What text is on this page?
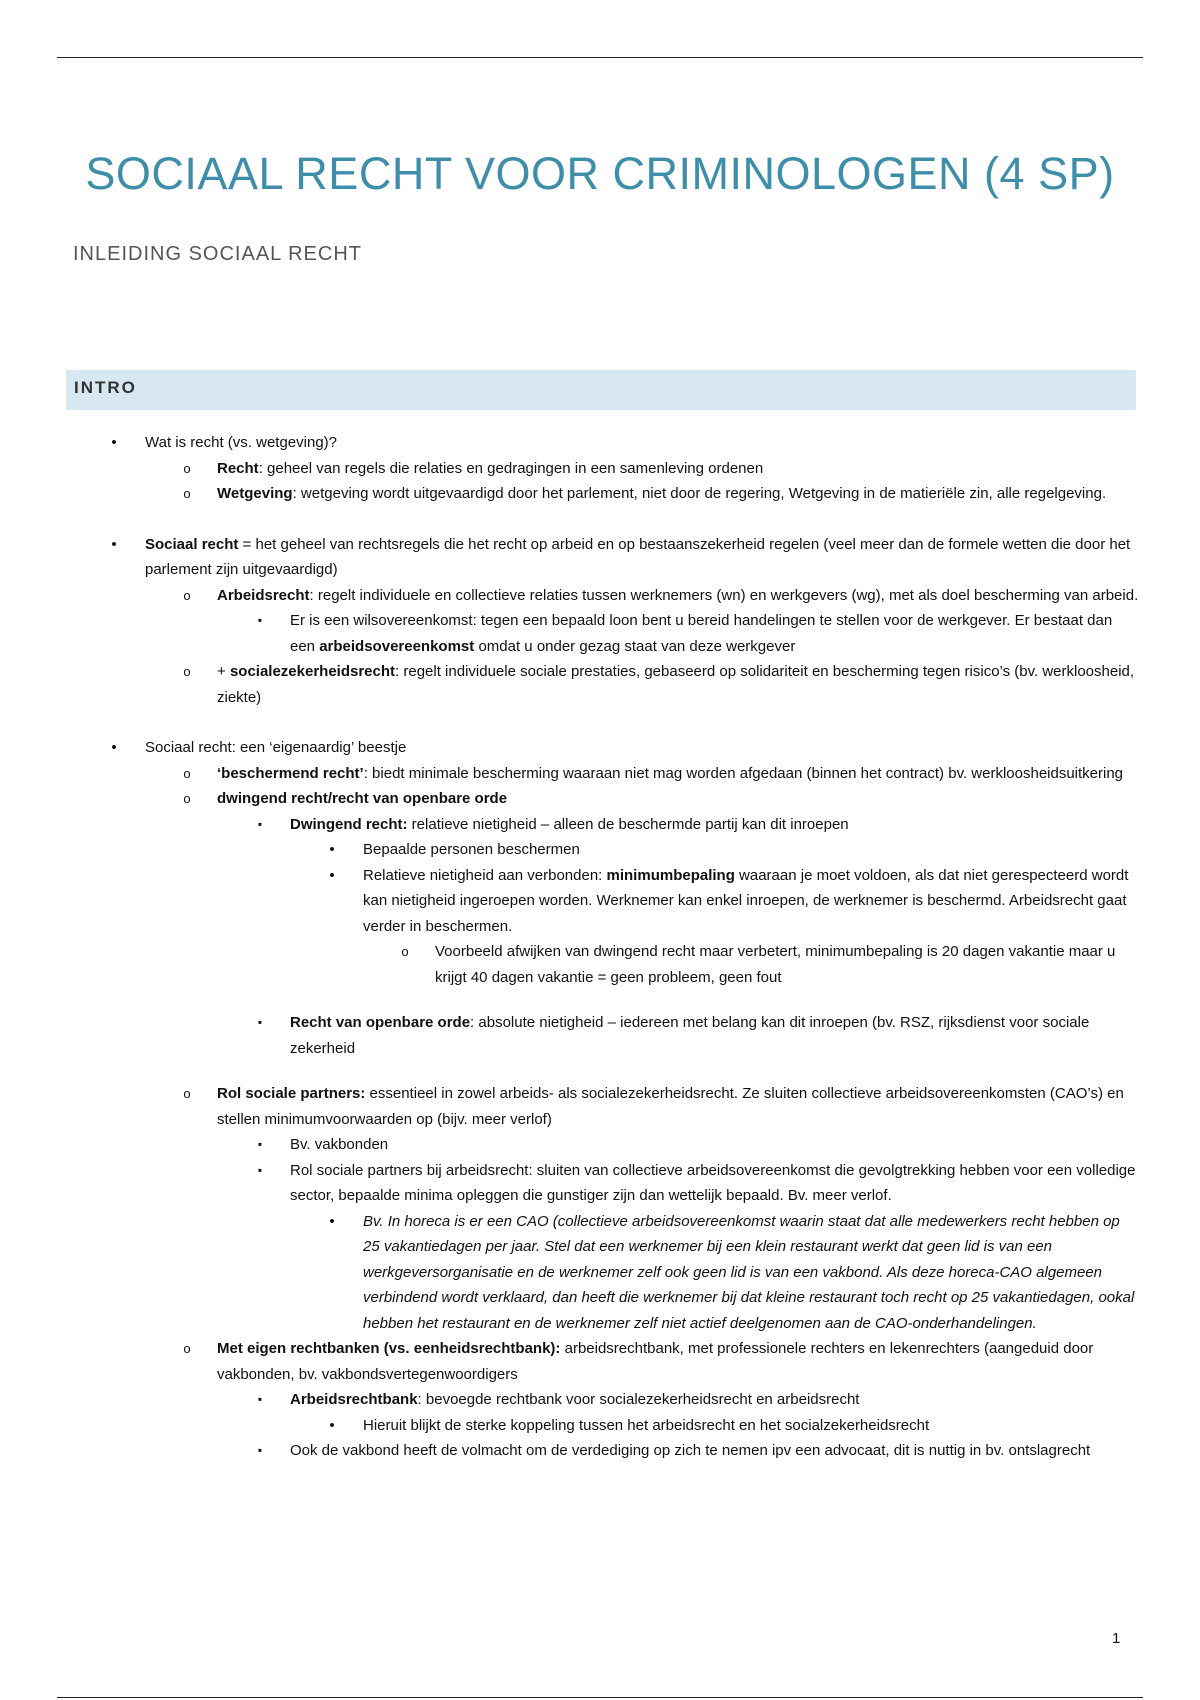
SOCIAAL RECHT VOOR CRIMINOLOGEN (4 SP)
INLEIDING SOCIAAL RECHT
INTRO

•	Wat is recht (vs. wetgeving)?

o	Recht: geheel van regels die relaties en gedragingen in een samenleving ordenen

o	Wetgeving: wetgeving wordt uitgevaardigd door het parlement, niet door de regering, Wetgeving in de matieriële zin, alle regelgeving.

•	Sociaal recht = het geheel van rechtsregels die het recht op arbeid en op bestaanszekerheid regelen (veel meer dan de formele wetten die door het parlement zijn uitgevaardigd)

o	Arbeidsrecht: regelt individuele en collectieve relaties tussen werknemers (wn) en werkgevers (wg), met als doel bescherming van arbeid.

▪	Er is een wilsovereenkomst: tegen een bepaald loon bent u bereid handelingen te stellen voor de werkgever. Er bestaat dan een arbeidsovereenkomst omdat u onder gezag staat van deze werkgever

o	+ socialezekerheidsrecht: regelt individuele sociale prestaties, gebaseerd op solidariteit en bescherming tegen risico’s (bv. werkloosheid, ziekte)

•	Sociaal recht: een ‘eigenaardig’ beestje

o	‘beschermend recht’: biedt minimale bescherming waaraan niet mag worden afgedaan (binnen het contract) bv. werkloosheidsuitkering

o	dwingend recht/recht van openbare orde

▪	Dwingend recht: relatieve nietigheid – alleen de beschermde partij kan dit inroepen

•	Bepaalde personen beschermen

•	Relatieve nietigheid aan verbonden: minimumbepaling waaraan je moet voldoen, als dat niet gerespecteerd wordt kan nietigheid ingeroepen worden. Werknemer kan enkel inroepen, de werknemer is beschermd. Arbeidsrecht gaat verder in beschermen.

o	Voorbeeld afwijken van dwingend recht maar verbetert, minimumbepaling is 20 dagen vakantie maar u krijgt 40 dagen vakantie = geen probleem, geen fout

▪	Recht van openbare orde: absolute nietigheid – iedereen met belang kan dit inroepen (bv. RSZ, rijksdienst voor sociale zekerheid

o	Rol sociale partners: essentieel in zowel arbeids- als socialezekerheidsrecht. Ze sluiten collectieve arbeidsovereenkomsten (CAO’s) en stellen minimumvoorwaarden op (bijv. meer verlof)

▪	Bv. vakbonden

▪	Rol sociale partners bij arbeidsrecht: sluiten van collectieve arbeidsovereenkomst die gevolgtrekking hebben voor een volledige sector, bepaalde minima opleggen die gunstiger zijn dan wettelijk bepaald. Bv. meer verlof.

•	Bv. In horeca is er een CAO (collectieve arbeidsovereenkomst waarin staat dat alle medewerkers recht hebben op 25 vakantiedagen per jaar. Stel dat een werknemer bij een klein restaurant werkt dat geen lid is van een werkgeversorganisatie en de werknemer zelf ook geen lid is van een vakbond. Als deze horeca-CAO algemeen verbindend wordt verklaard, dan heeft die werknemer bij dat kleine restaurant toch recht op 25 vakantiedagen, ookal hebben het restaurant en de werknemer zelf niet actief deelgenomen aan de CAO-onderhandelingen.

o	Met eigen rechtbanken (vs. eenheidsrechtbank): arbeidsrechtbank, met professionele rechters en lekenrechters (aangeduid door vakbonden, bv. vakbondsvertegenwoordigers

▪	Arbeidsrechtbank: bevoegde rechtbank voor socialezekerheidsrecht en arbeidsrecht

•	Hieruit blijkt de sterke koppeling tussen het arbeidsrecht en het socialzekerheidsrecht

▪	Ook de vakbond heeft de volmacht om de verdediging op zich te nemen ipv een advocaat, dit is nuttig in bv. ontslagrecht

1
